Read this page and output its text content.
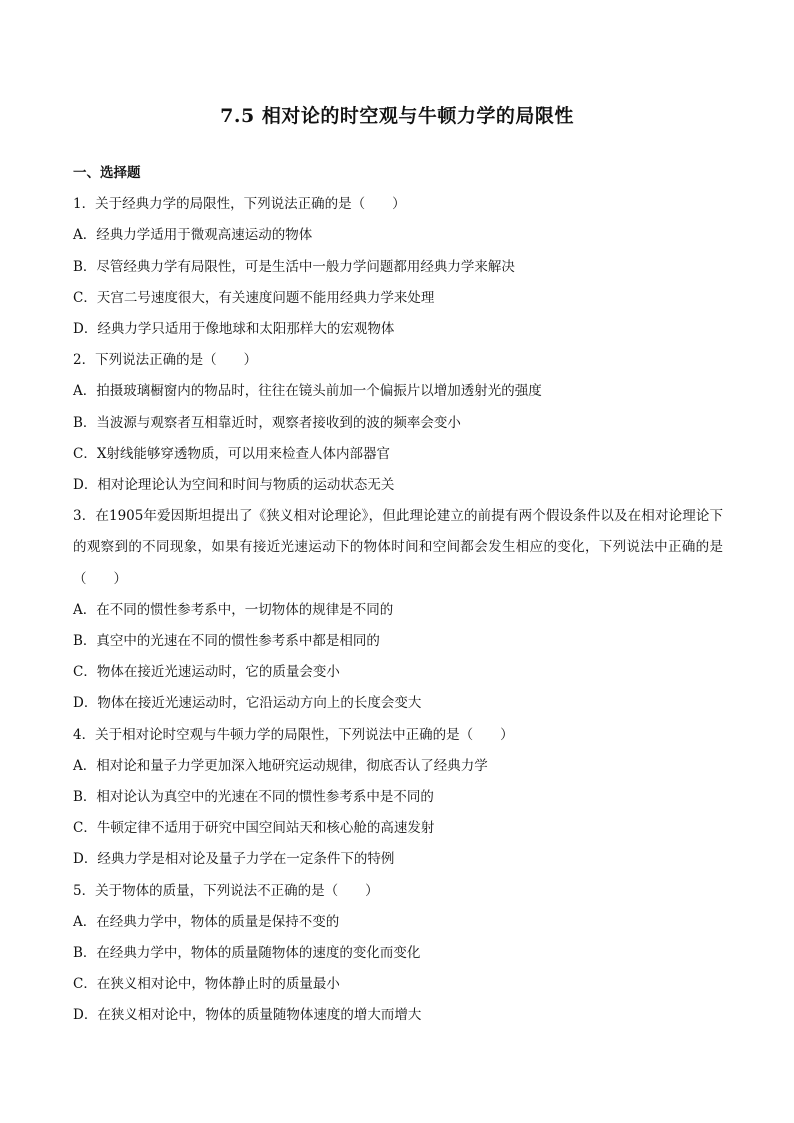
7.5 相对论的时空观与牛顿力学的局限性
一、选择题
1．关于经典力学的局限性，下列说法正确的是（　　）
A．经典力学适用于微观高速运动的物体
B．尽管经典力学有局限性，可是生活中一般力学问题都用经典力学来解决
C．天宫二号速度很大，有关速度问题不能用经典力学来处理
D．经典力学只适用于像地球和太阳那样大的宏观物体
2．下列说法正确的是（　　）
A．拍摄玻璃橱窗内的物品时，往往在镜头前加一个偏振片以增加透射光的强度
B．当波源与观察者互相靠近时，观察者接收到的波的频率会变小
C．X射线能够穿透物质，可以用来检查人体内部器官
D．相对论理论认为空间和时间与物质的运动状态无关
3．在1905年爱因斯坦提出了《狭义相对论理论》，但此理论建立的前提有两个假设条件以及在相对论理论下的观察到的不同现象，如果有接近光速运动下的物体时间和空间都会发生相应的变化，下列说法中正确的是（　　）
A．在不同的惯性参考系中，一切物体的规律是不同的
B．真空中的光速在不同的惯性参考系中都是相同的
C．物体在接近光速运动时，它的质量会变小
D．物体在接近光速运动时，它沿运动方向上的长度会变大
4．关于相对论时空观与牛顿力学的局限性，下列说法中正确的是（　　）
A．相对论和量子力学更加深入地研究运动规律，彻底否认了经典力学
B．相对论认为真空中的光速在不同的惯性参考系中是不同的
C．牛顿定律不适用于研究中国空间站天和核心舱的高速发射
D．经典力学是相对论及量子力学在一定条件下的特例
5．关于物体的质量，下列说法不正确的是（　　）
A．在经典力学中，物体的质量是保持不变的
B．在经典力学中，物体的质量随物体的速度的变化而变化
C．在狭义相对论中，物体静止时的质量最小
D．在狭义相对论中，物体的质量随物体速度的增大而增大
